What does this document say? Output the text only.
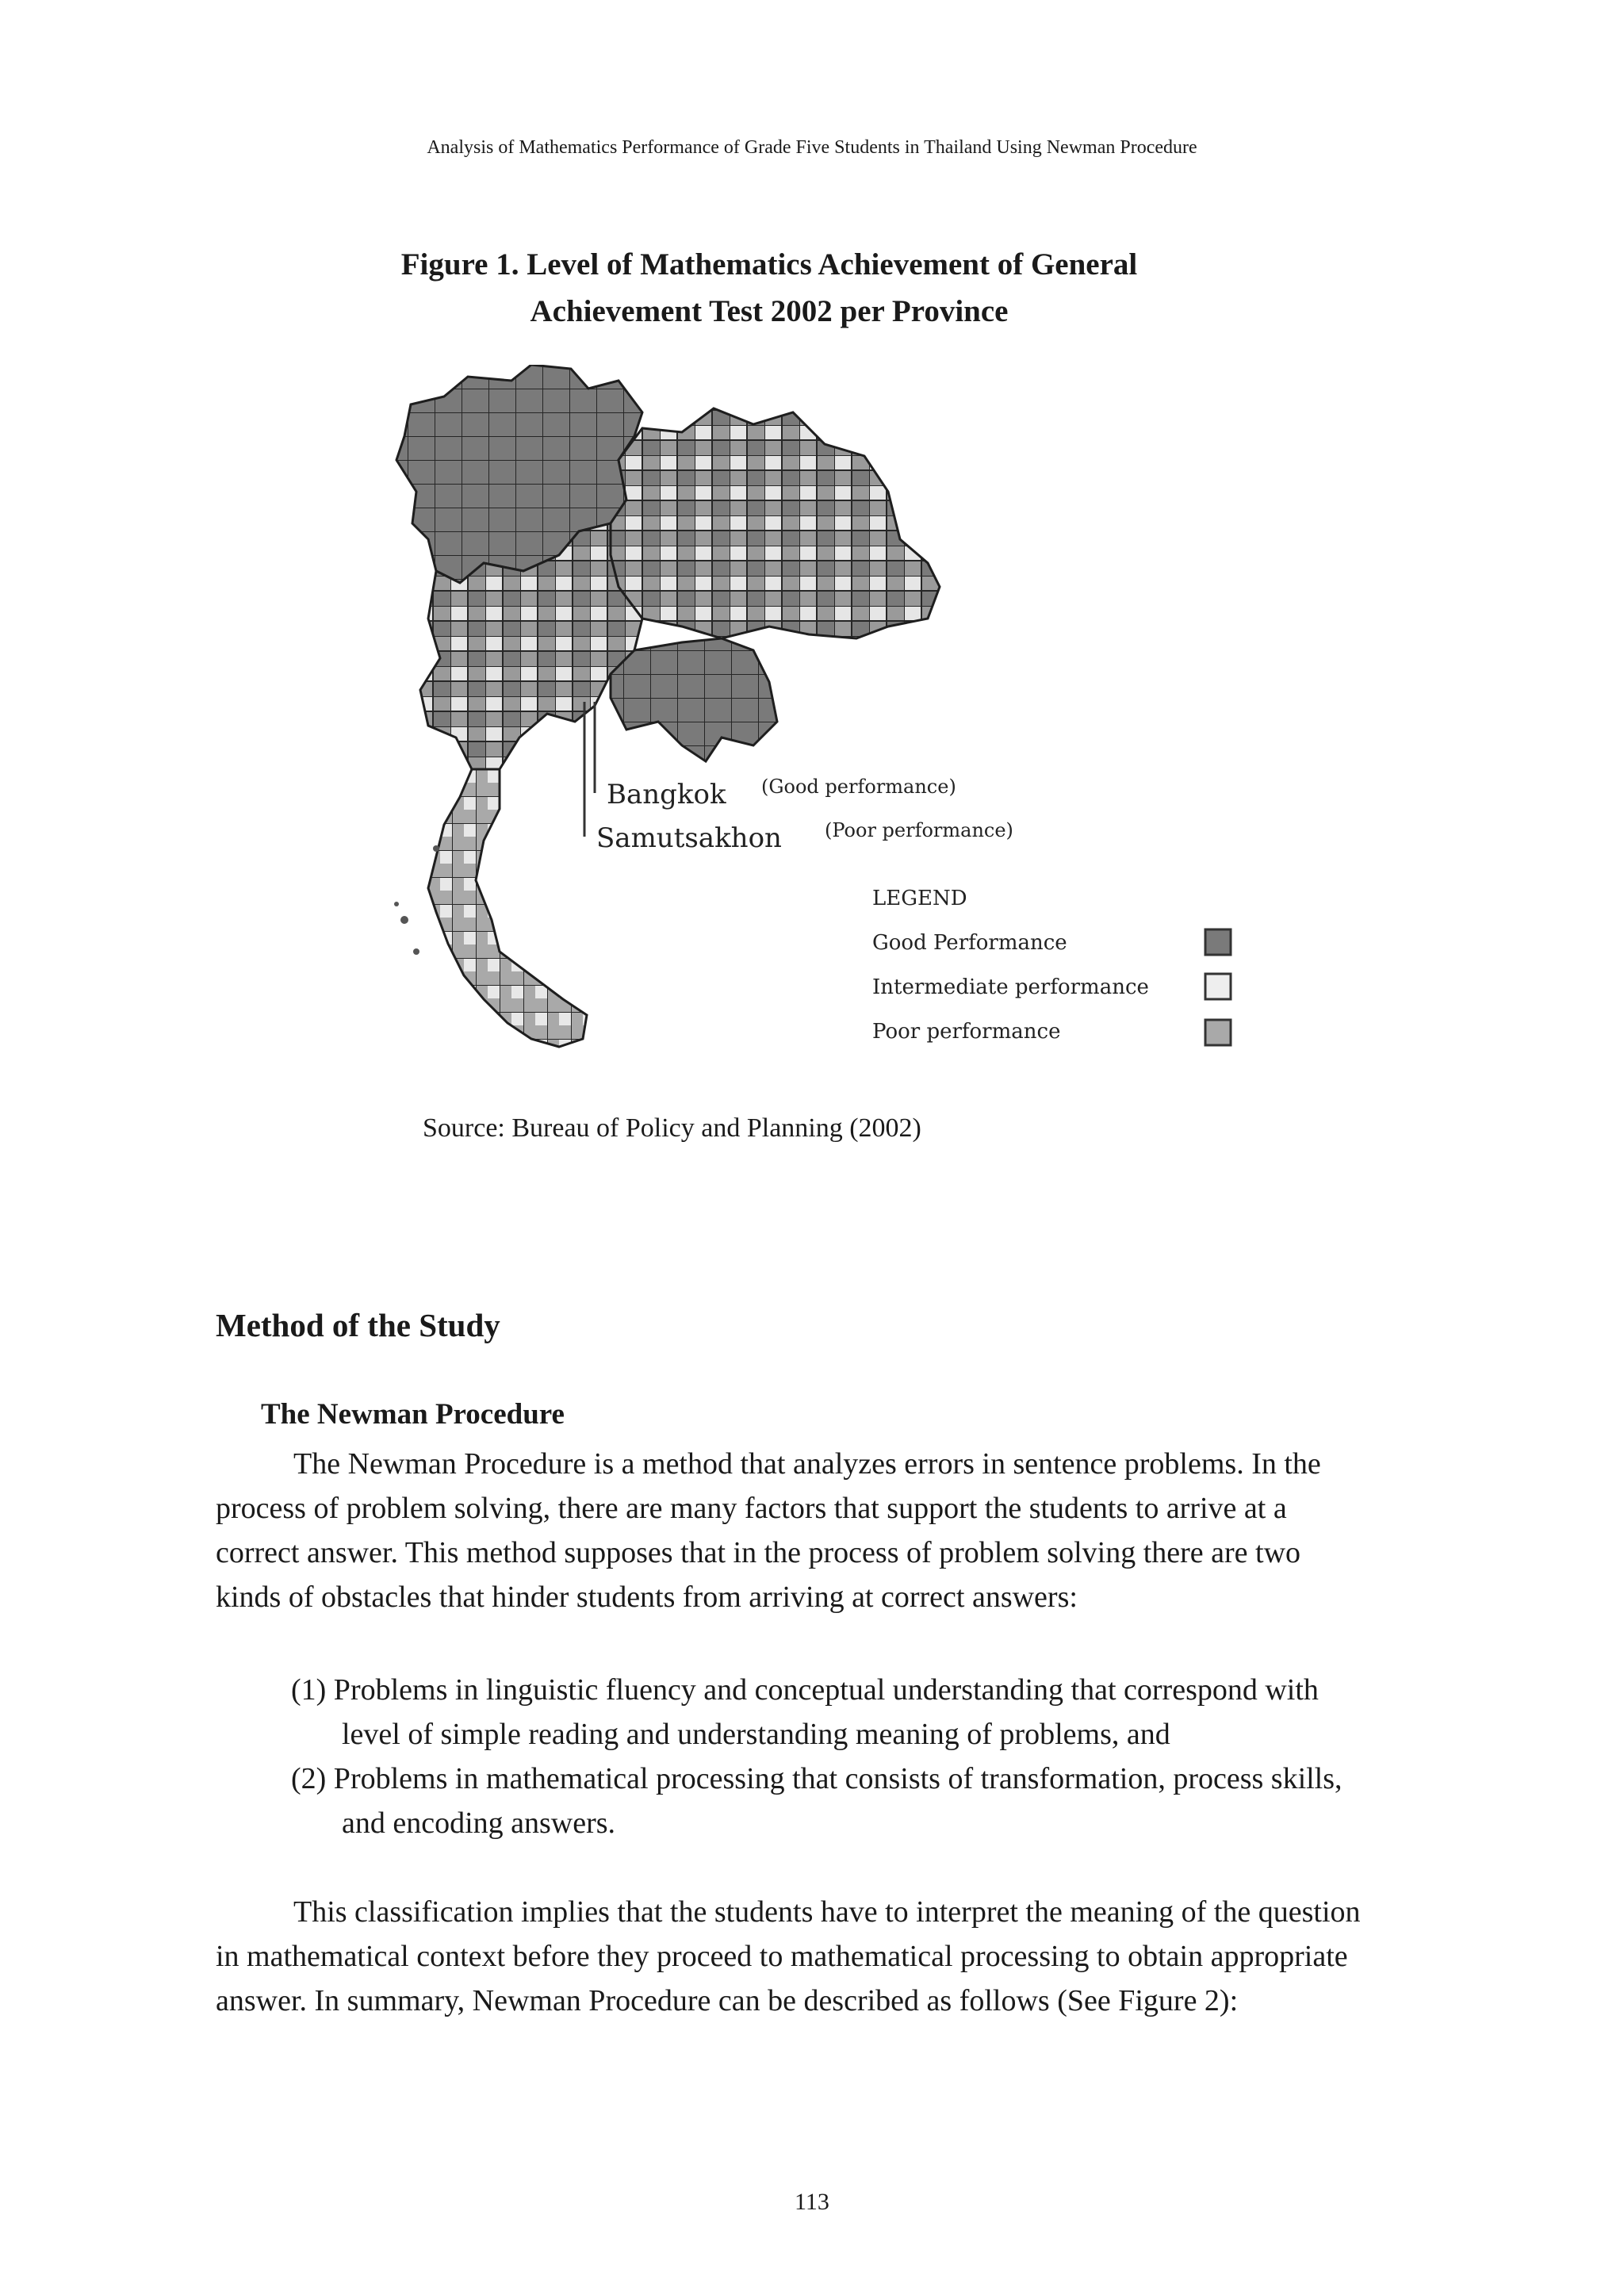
Analysis of Mathematics Performance of Grade Five Students in Thailand Using Newman Procedure
Figure 1. Level of Mathematics Achievement of General
Achievement Test 2002 per Province
Bangkok (Good performance)
Samutsakhon (Poor performance)
LEGEND
Good Performance
Intermediate performance
Poor performance

Source: Bureau of Policy and Planning (2002)

Method of the Study
The Newman Procedure
The Newman Procedure is a method that analyzes errors in sentence problems. In the
process of problem solving, there are many factors that support the students to arrive at a
correct answer. This method supposes that in the process of problem solving there are two
kinds of obstacles that hinder students from arriving at correct answers:
(1) Problems in linguistic fluency and conceptual understanding that correspond with
level of simple reading and understanding meaning of problems, and
(2) Problems in mathematical processing that consists of transformation, process skills,
and encoding answers.
This classification implies that the students have to interpret the meaning of the question
in mathematical context before they proceed to mathematical processing to obtain appropriate
answer. In summary, Newman Procedure can be described as follows (See Figure 2):
113
